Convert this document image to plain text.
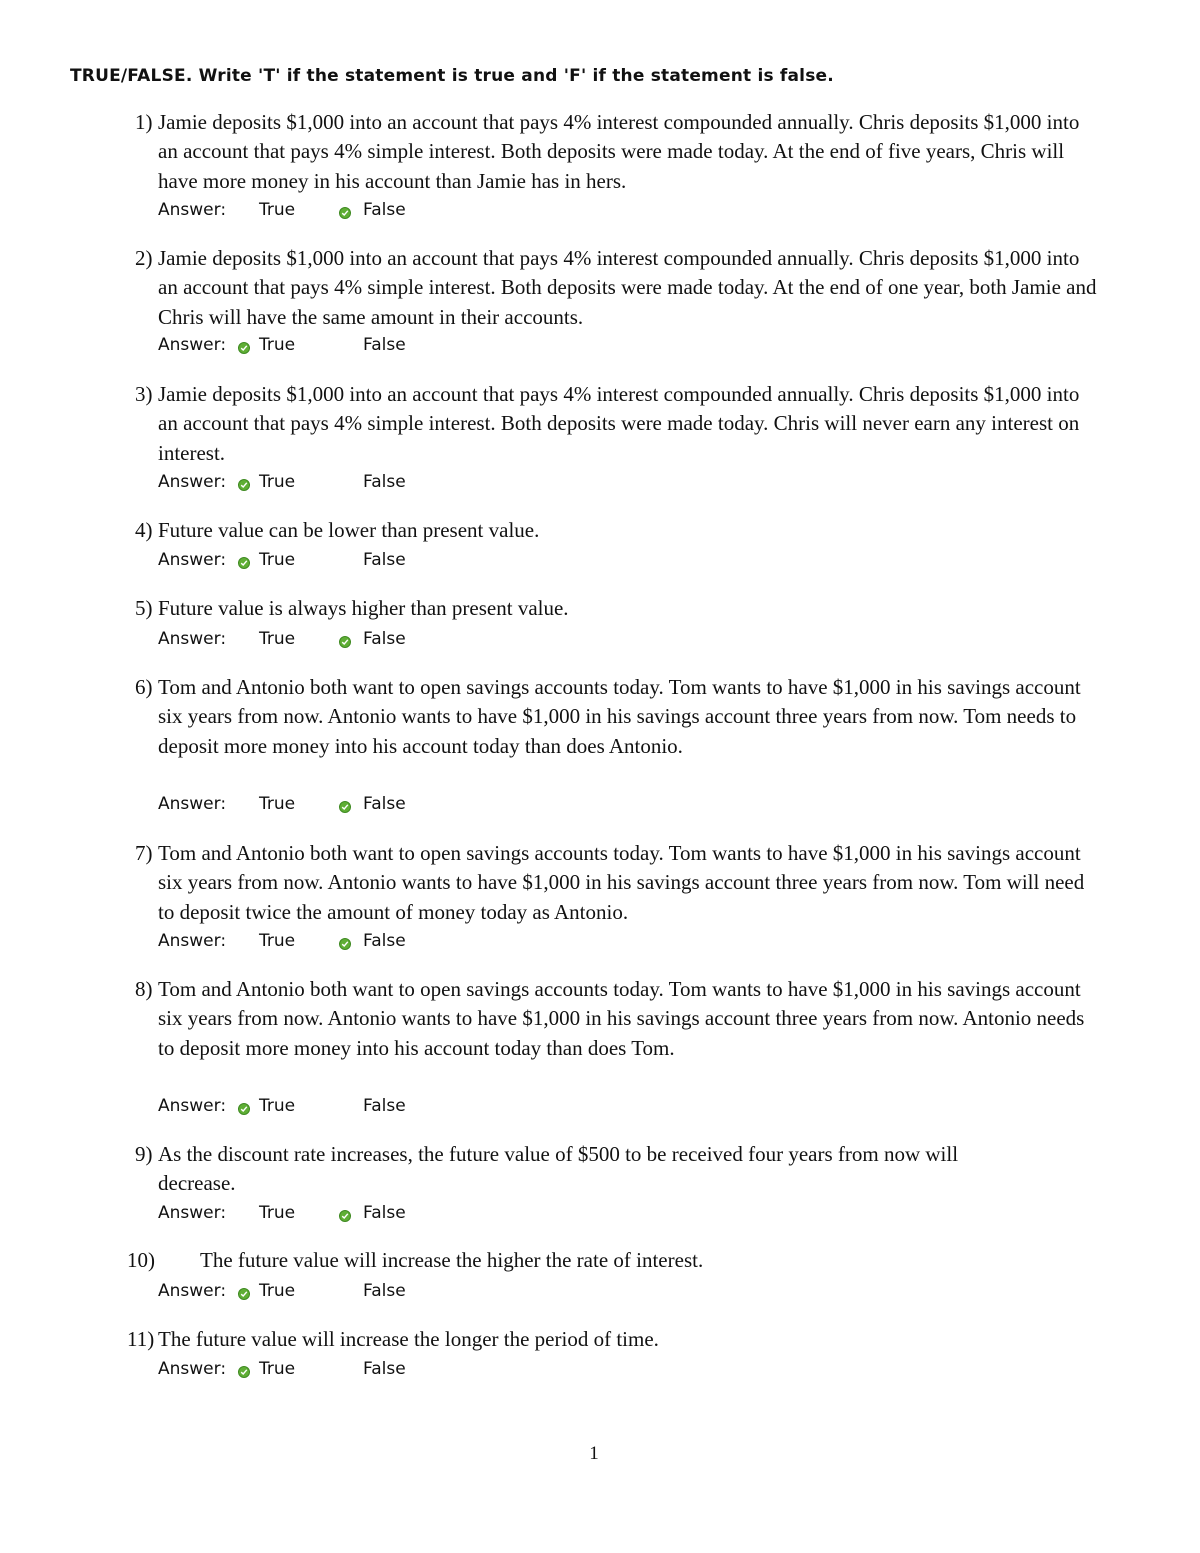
TRUE/FALSE. Write 'T' if the statement is true and 'F' if the statement is false.
1) Jamie deposits $1,000 into an account that pays 4% interest compounded annually. Chris deposits $1,000 into an account that pays 4% simple interest. Both deposits were made today. At the end of five years, Chris will have more money in his account than Jamie has in hers.
Answer: True	False
2) Jamie deposits $1,000 into an account that pays 4% interest compounded annually. Chris deposits $1,000 into an account that pays 4% simple interest. Both deposits were made today. At the end of one year, both Jamie and Chris will have the same amount in their accounts.
Answer: True	False
3) Jamie deposits $1,000 into an account that pays 4% interest compounded annually. Chris deposits $1,000 into an account that pays 4% simple interest. Both deposits were made today. Chris will never earn any interest on interest.
Answer: True	False
4) Future value can be lower than present value.
Answer: True	False
5) Future value is always higher than present value.
Answer: True	False
6) Tom and Antonio both want to open savings accounts today. Tom wants to have $1,000 in his savings account six years from now. Antonio wants to have $1,000 in his savings account three years from now. Tom needs to deposit more money into his account today than does Antonio.
Answer: True	False
7) Tom and Antonio both want to open savings accounts today. Tom wants to have $1,000 in his savings account six years from now. Antonio wants to have $1,000 in his savings account three years from now. Tom will need to deposit twice the amount of money today as Antonio.
Answer: True	False
8) Tom and Antonio both want to open savings accounts today. Tom wants to have $1,000 in his savings account six years from now. Antonio wants to have $1,000 in his savings account three years from now. Antonio needs to deposit more money into his account today than does Tom.
Answer: True	False
9) As the discount rate increases, the future value of $500 to be received four years from now will decrease.
Answer: True	False
10) The future value will increase the higher the rate of interest.
Answer: True	False
11) The future value will increase the longer the period of time.
Answer: True	False
1
